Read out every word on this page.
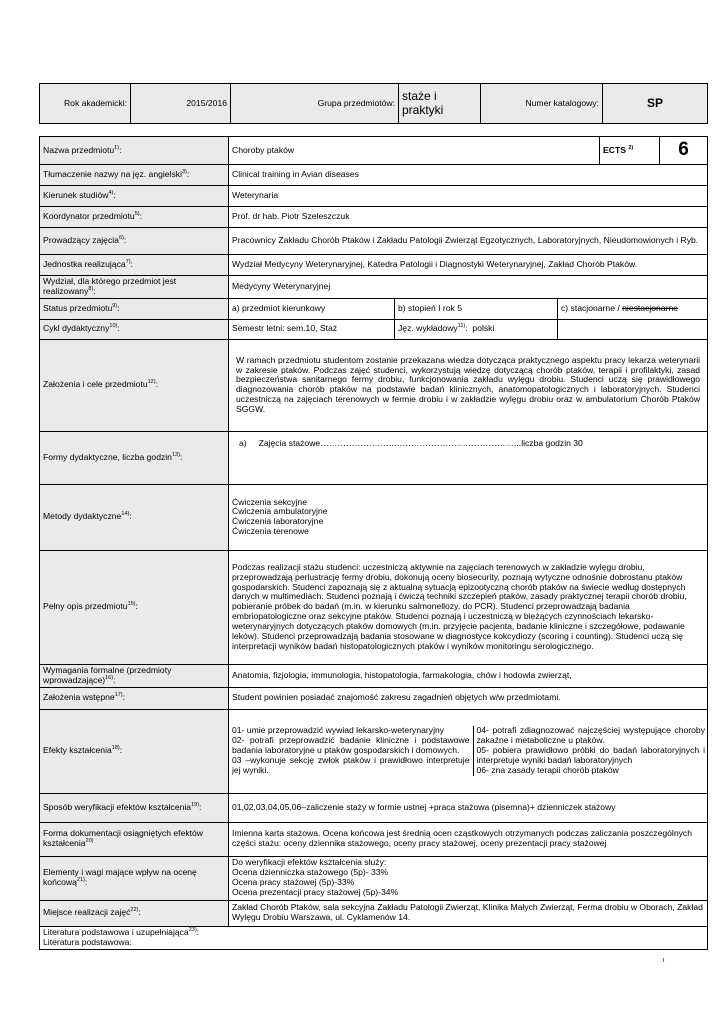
Rok akademicki:	2015/2016	Grupa przedmiotów:	staże i praktyki	Numer katalogowy:	SP
Nazwa przedmiotu$^{1)}$:	Choroby ptaków	ECTS $^{2)}$	6
Tłumaczenie nazwy na jęz. angielski$^{3)}$:	Clinical training in Avian diseases
Kierunek studiów$^{4)}$:	Weterynaria
Koordynator przedmiotu$^{5)}$:	Prof. dr hab. Piotr Szeleszczuk
Prowadzący zajęcia$^{6)}$:	Pracownicy Zakładu Chorób Ptaków i Zakładu Patologii Zwierząt Egzotycznych, Laboratoryjnych, Nieudomowionych i Ryb.
Jednostka realizująca$^{7)}$:	Wydział Medycyny Weterynaryjnej, Katedra Patologii i Diagnostyki Weterynaryjnej, Zakład Chorób Ptaków.
Wydział, dla którego przedmiot jest realizowany$^{8)}$:	Medycyny Weterynaryjnej
Status przedmiotu$^{9)}$:	a) przedmiot kierunkowy	b) stopień I rok 5	c) stacjonarne / niestacjonarne
Cykl dydaktyczny$^{10)}$:	Semestr letni: sem.10, Staż	Jęz. wykładowy$^{11)}$:  polski	
Założenia i cele przedmiotu$^{12)}$:	W ramach przedmiotu studentom zostanie przekazana wiedza dotycząca praktycznego aspektu pracy lekarza weterynarii w zakresie ptaków. Podczas zajęć studenci, wykorzystują wiedzę dotyczącą chorób ptaków, terapii i profilaktyki, zasad bezpieczeństwa sanitarnego fermy drobiu, funkcjonowania zakładu wylęgu drobiu. Studenci uczą się prawidłowego diagnozowania chorób ptaków na podstawie badań klinicznych, anatomopatologicznych i laboratoryjnych. Studenci uczestniczą na zajęciach terenowych w fermie drobiu i w zakładzie wylęgu drobiu oraz w ambulatorium Chorób Ptaków SGGW.
Formy dydaktyczne, liczba godzin$^{13)}$:	a)     Zajęcia stażowe……………………..……………………………………...liczba godzin 30
Metody dydaktyczne$^{14)}$:	
Ćwiczenia sekcyjne
Ćwiczenia ambulatoryjne
Ćwiczenia laboratoryjne
Ćwiczenia terenowe

Pełny opis przedmiotu$^{15)}$:	Podczas realizacji stażu studenci: uczestniczą aktywnie na zajęciach terenowych w zakładzie wylęgu drobiu, przeprowadzają perlustrację fermy drobiu, dokonują oceny biosecurity, poznają wytyczne odnośnie dobrostanu ptaków gospodarskich. Studenci zapoznają się z aktualną sytuacją epizootyczną chorób ptaków na świecie według dostępnych danych w multimediach. Studenci poznają i ćwiczą techniki szczepień ptaków, zasady praktycznej terapii chorób drobiu, pobieranie próbek do badań (m.in. w kierunku salmonellozy, do PCR). Studenci przeprowadzają badania embriopatologiczne oraz sekcyjne ptaków. Studenci poznają i uczestniczą w bieżących czynnościach lekarsko- weterynaryjnych dotyczących ptaków domowych (m.in. przyjęcie pacjenta, badanie kliniczne i szczegółowe, podawanie leków). Studenci przeprowadzają badania stosowane w diagnostyce kokcydiozy (scoring i counting). Studenci uczą się interpretacji wyników badań histopatologicznych ptaków i wyników monitoringu serologicznego.
Wymagania formalne (przedmioty wprowadzające)$^{16)}$:	Anatomia, fizjologia, immunologia, histopatologia, farmakologia, chów i hodowla zwierząt,
Założenia wstępne$^{17)}$:	Student powinien posiadać znajomość zakresu zagadnień objętych w/w przedmiotami.
Efekty kształcenia$^{18)}$:	
01- umie przeprowadzić wywiad lekarsko-weterynaryjny
02- potrafi przeprowadzić badanie kliniczne i podstawowe badania laboratoryjne u ptaków gospodarskich i domowych.
03 –wykonuje sekcję zwłok ptaków i prawidłowo interpretuje jej wyniki.

04- potrafi zdiagnozować najczęściej występujące choroby zakaźne i metaboliczne u ptaków.
05- pobiera prawidłowo próbki do badań laboratoryjnych i interpretuje wyniki badań laboratoryjnych
06- zna zasady terapii chorób ptaków

Sposób weryfikacji efektów kształcenia$^{19)}$:	01,02,03,04,05,06–zaliczenie staży w formie ustnej +praca stażowa (pisemna)+ dzienniczek stażowy
Forma dokumentacji osiągniętych efektów kształcenia$^{20)}$	Imienna karta stażowa. Ocena końcowa jest średnią ocen cząstkowych otrzymanych podczas zaliczania poszczególnych części stażu: oceny dziennika stażowego, oceny pracy stażowej, oceny prezentacji pracy stażowej
Elementy i wagi mające wpływ na ocenę końcową$^{21)}$:	
Do weryfikacji efektów kształcenia służy:
Ocena dzienniczka stażowego (5p)- 33%
Ocena pracy stażowej (5p)-33%
Ocena prezentacji pracy stażowej (5p)-34%

Miejsce realizacji zajęć$^{22)}$:	Zakład Chorób Ptaków, sala sekcyjna Zakładu Patologii Zwierząt, Klinika Małych Zwierząt, Ferma drobiu w Oborach, Zakład Wylęgu Drobiu Warszawa, ul. Cyklamenów 14.

Literatura podstawowa i uzupełniająca$^{23)}$:
Literatura podstawowa:
1
